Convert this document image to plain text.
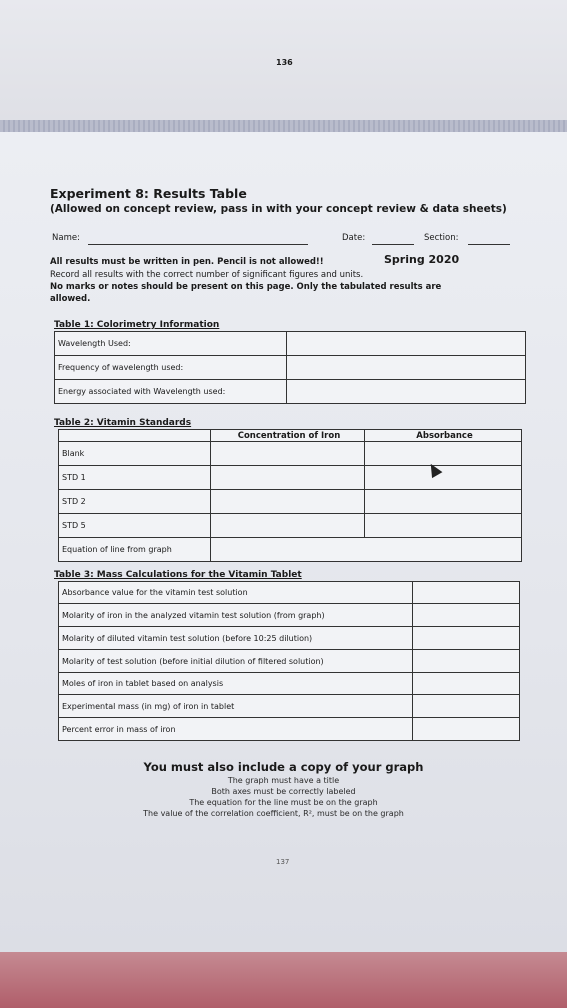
136
Experiment 8: Results Table
(Allowed on concept review, pass in with your concept review & data sheets)
Name:	Date:	Section:
All results must be written in pen. Pencil is not allowed!!	Spring 2020
Record all results with the correct number of significant figures and units.
No marks or notes should be present on this page. Only the tabulated results are
allowed.
Table 1: Colorimetry Information
Wavelength Used:	
Frequency of wavelength used:	
Energy associated with Wavelength used:	
Table 2: Vitamin Standards
	Concentration of Iron	Absorbance
Blank		
STD 1		
STD 2		
STD 5		
Equation of line from graph		
Table 3: Mass Calculations for the Vitamin Tablet
Absorbance value for the vitamin test solution	
Molarity of iron in the analyzed vitamin test solution (from graph)	
Molarity of diluted vitamin test solution (before 10:25 dilution)	
Molarity of test solution (before initial dilution of filtered solution)	
Moles of iron in tablet based on analysis	
Experimental mass (in mg) of iron in tablet	
Percent error in mass of iron	
You must also include a copy of your graph
The graph must have a title
Both axes must be correctly labeled
The equation for the line must be on the graph
The value of the correlation coefficient, R², must be on the graph
137
